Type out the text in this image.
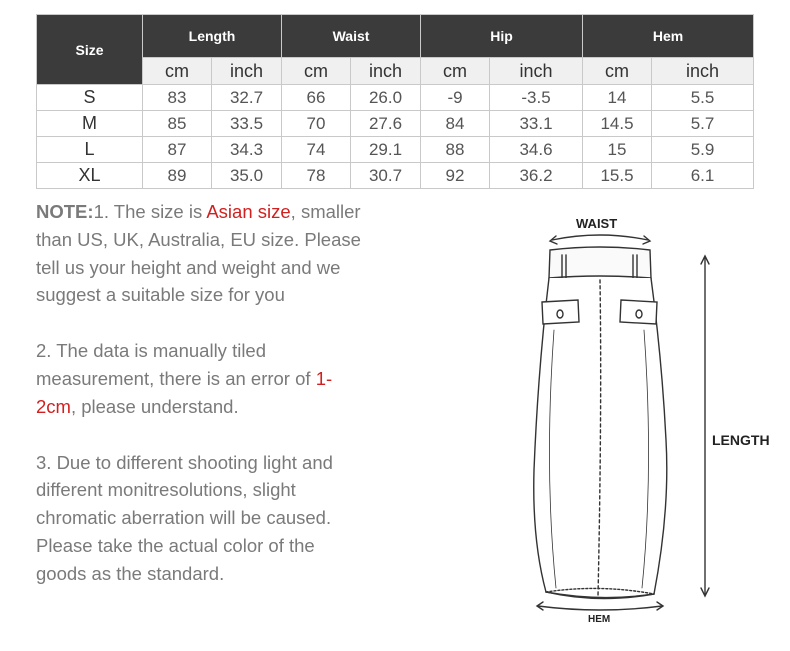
Size	Length		Waist		Hip		Hem	
	cm	inch	cm	inch	cm	inch	cm	inch
S	83	32.7	66	26.0	-9	-3.5	14	5.5
M	85	33.5	70	27.6	84	33.1	14.5	5.7
L	87	34.3	74	29.1	88	34.6	15	5.9
XL	89	35.0	78	30.7	92	36.2	15.5	6.1

NOTE:1. The size is Asian size, smaller than US, UK, Australia, EU size. Please tell us your height and weight and we suggest a suitable size for you

2. The data is manually tiled measurement, there is an error of 1-2cm, please understand.

3. Due to different shooting light and different monitresolutions, slight chromatic aberration will be caused. Please take the actual color of the goods as the standard.

WAIST
LENGTH
HEM
